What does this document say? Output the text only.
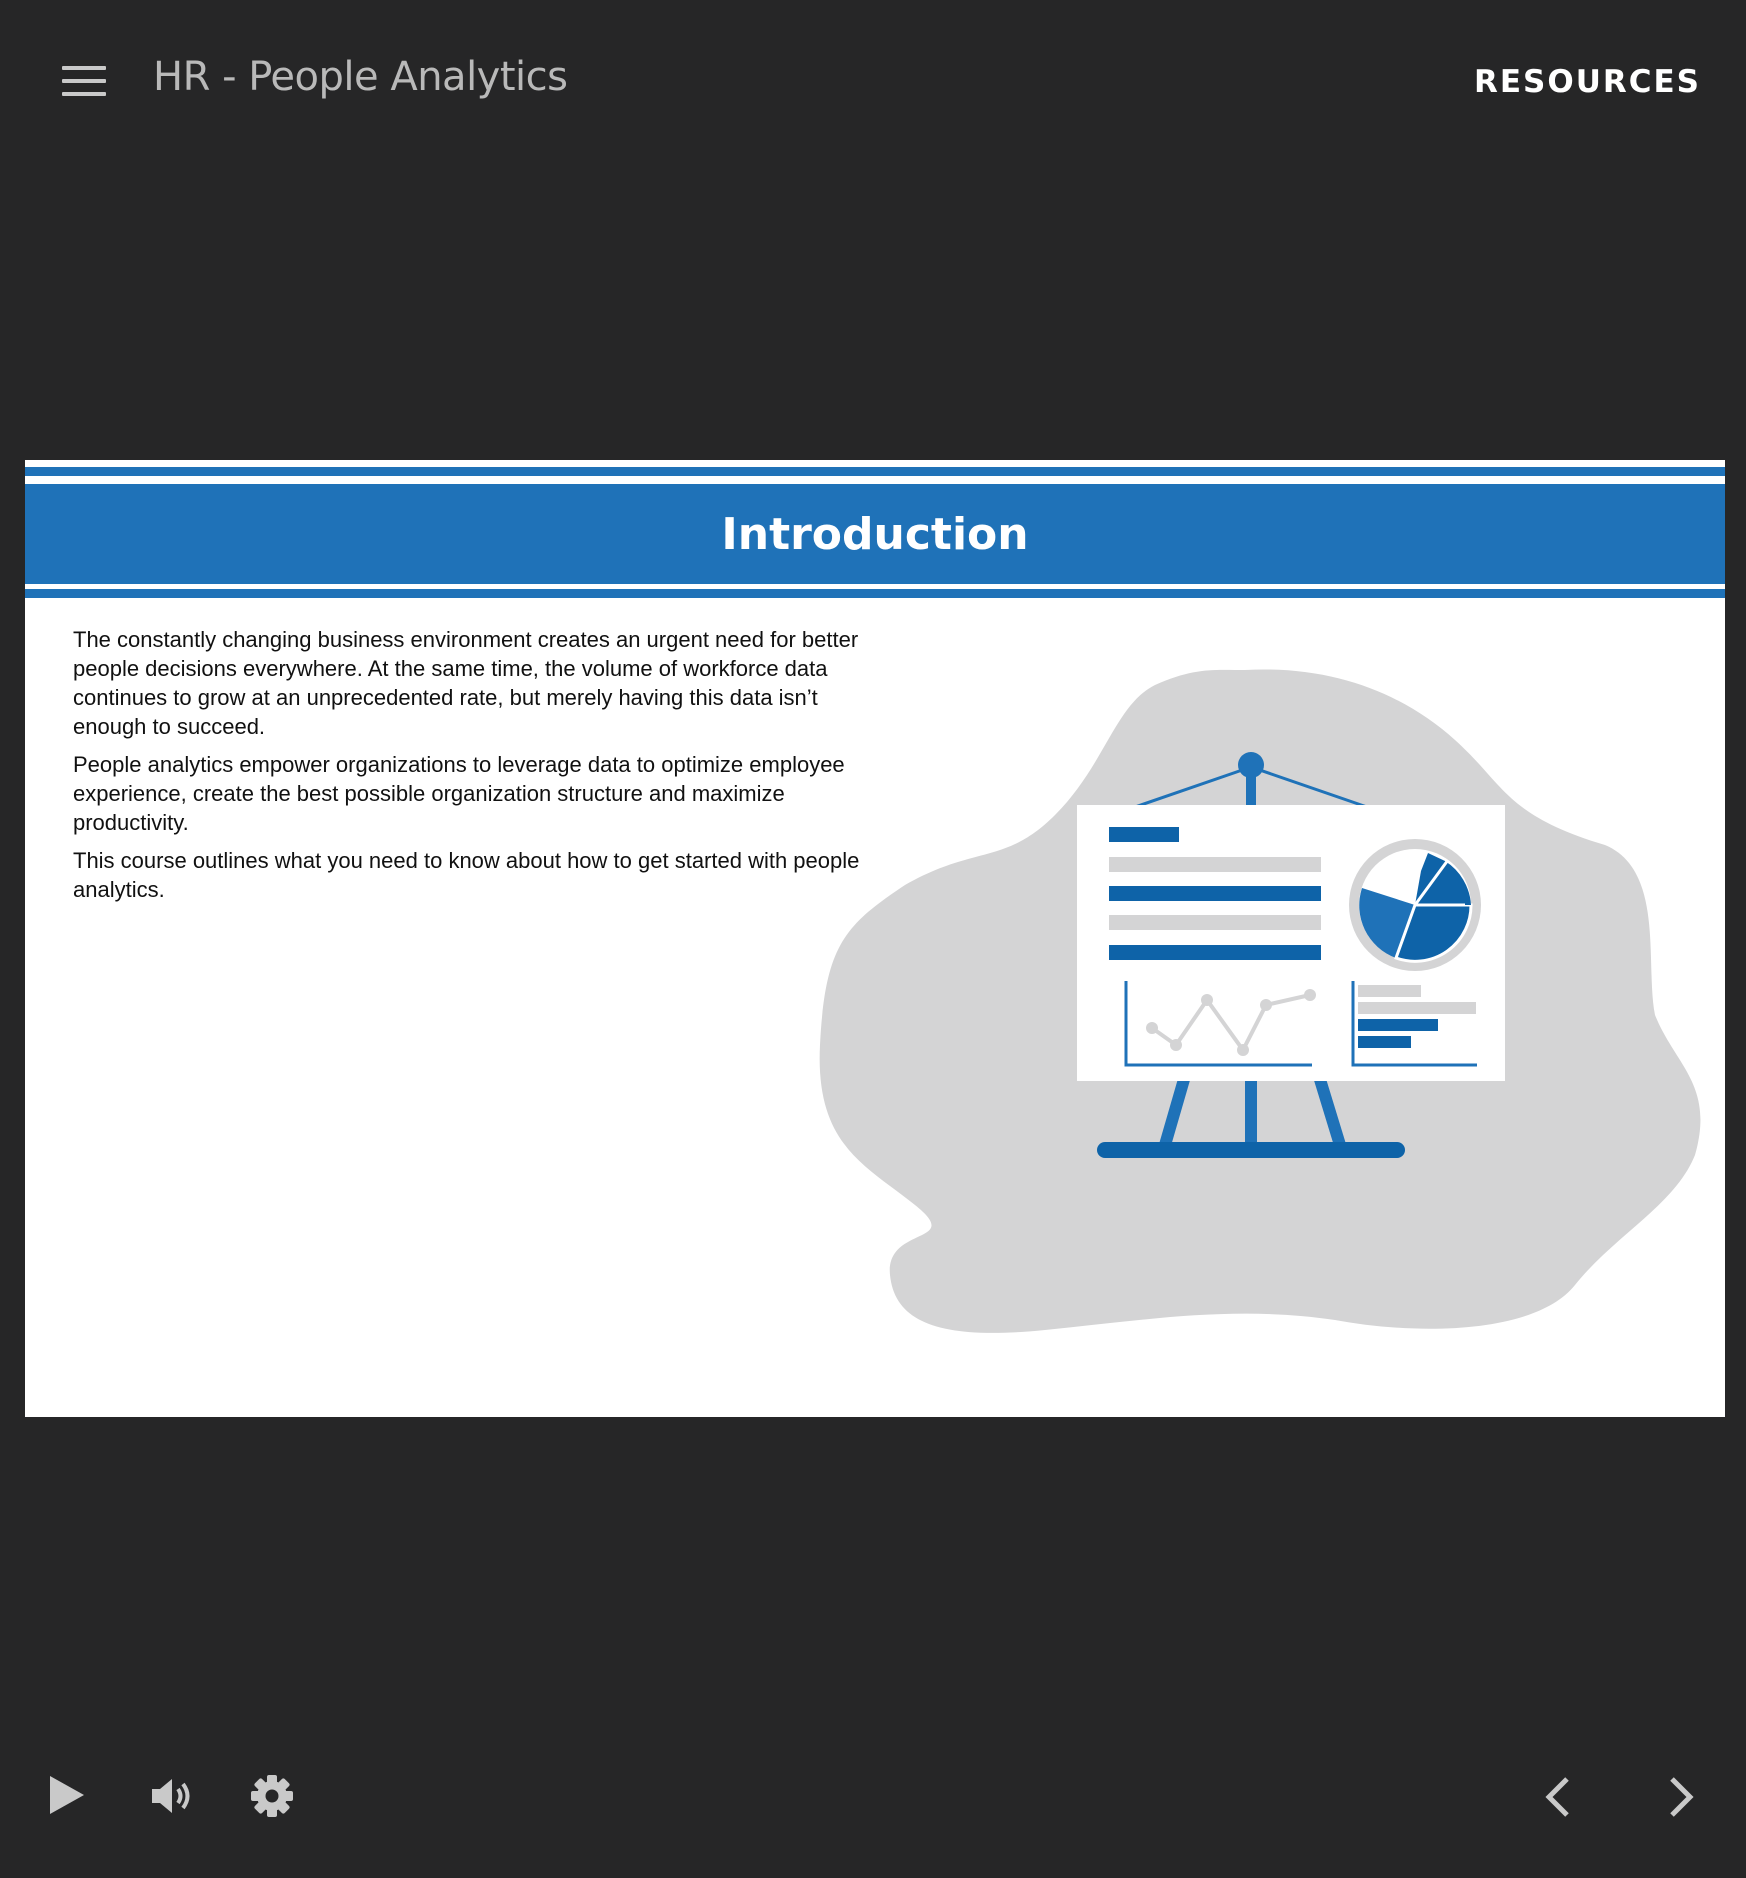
HR - People Analytics	RESOURCES
Introduction

The constantly changing business environment creates an urgent need for better people decisions everywhere. At the same time, the volume of workforce data continues to grow at an unprecedented rate, but merely having this data isn’t enough to succeed.

People analytics empower organizations to leverage data to optimize employee experience, create the best possible organization structure and maximize productivity.

This course outlines what you need to know about how to get started with people analytics.
